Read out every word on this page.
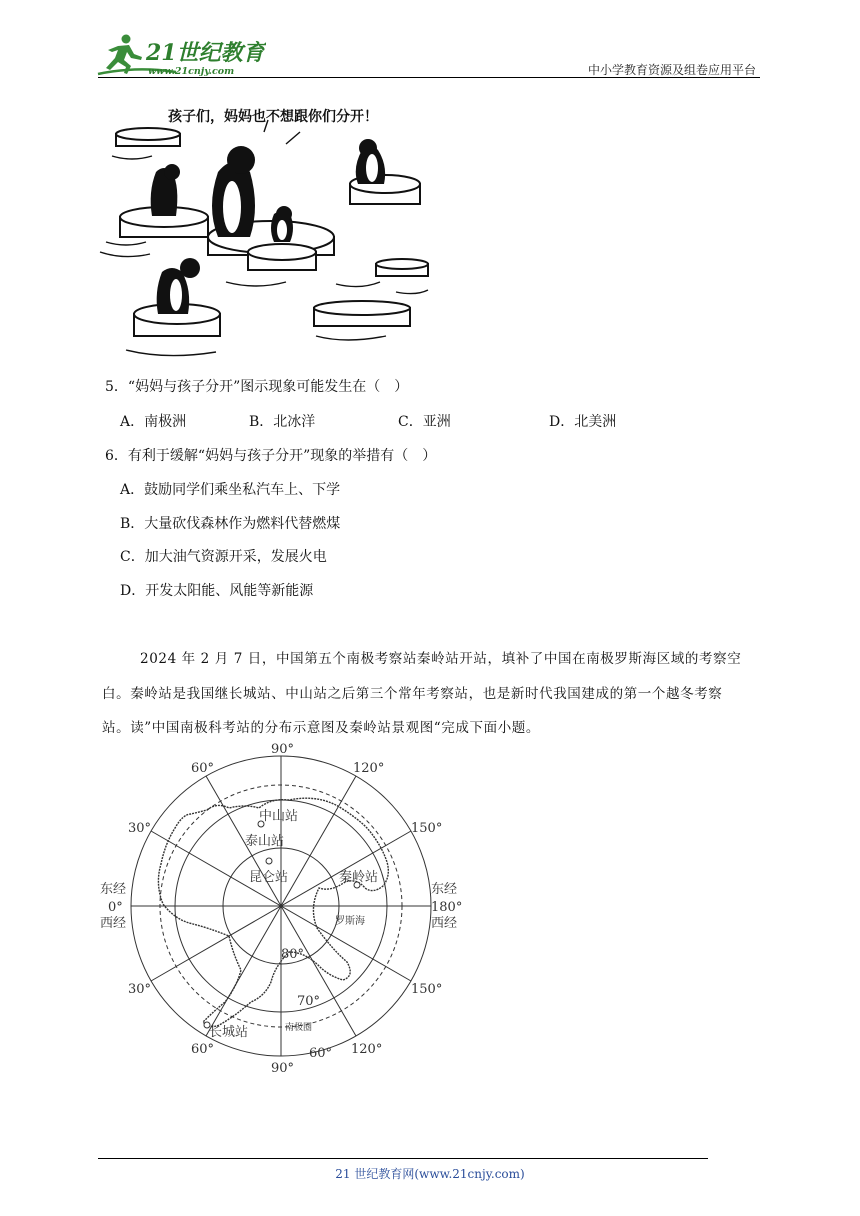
21世纪教育
www.21cnjy.com	中小学教育资源及组卷应用平台
孩子们，妈妈也不想跟你们分开！
5．“妈妈与孩子分开”图示现象可能发生在（　）
A．南极洲	B．北冰洋	C．亚洲	D．北美洲
6．有利于缓解“妈妈与孩子分开”现象的举措有（　）
A．鼓励同学们乘坐私汽车上、下学
B．大量砍伐森林作为燃料代替燃煤
C．加大油气资源开采，发展火电
D．开发太阳能、风能等新能源
2024 年 2 月 7 日，中国第五个南极考察站秦岭站开站，填补了中国在南极罗斯海区域的考察空
白。秦岭站是我国继长城站、中山站之后第三个常年考察站，也是新时代我国建成的第一个越冬考察
站。读”中国南极科考站的分布示意图及秦岭站景观图“完成下面小题。
90°
90°
60°	120°
30°	150°
30°	150°
60°	60° 120°
东经
0°
西经
东经
180°
西经
80°
70°
中山站
泰山站
昆仑站	秦岭站
长城站
罗斯海
南极圈
21 世纪教育网(www.21cnjy.com)
